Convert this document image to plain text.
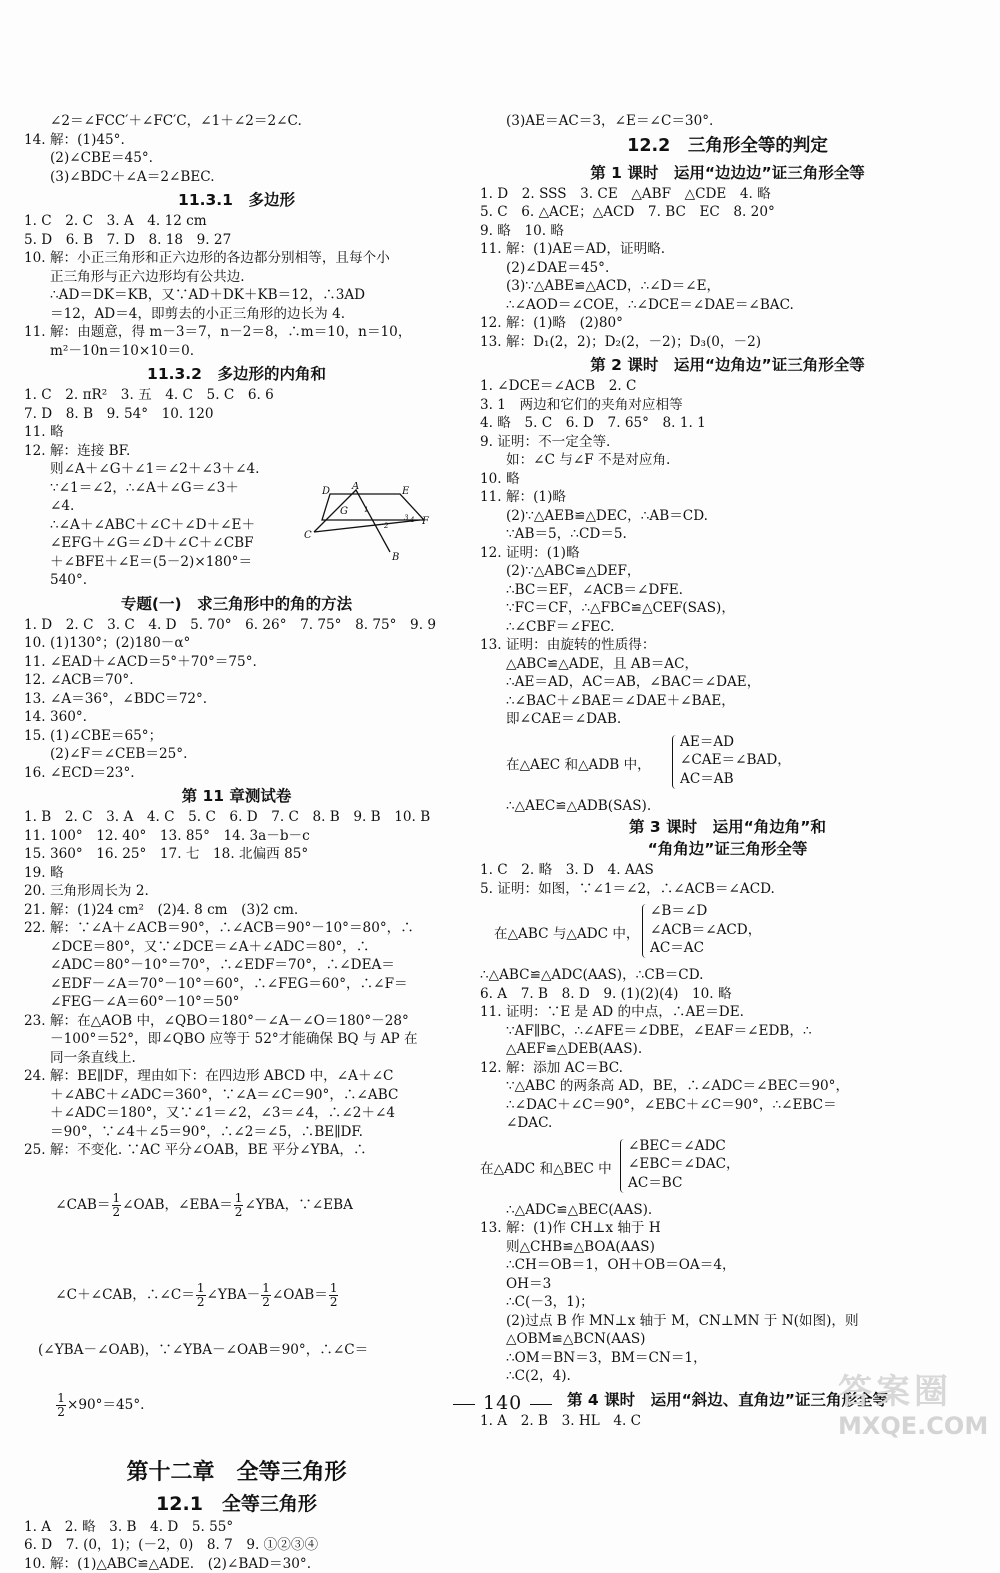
∠2＝∠FCC′＋∠FC′C，∠1＋∠2＝2∠C.

14. 解：(1)45°.

(2)∠CBE＝45°.

(3)∠BDC＋∠A＝2∠BEC.

11.3.1　多边形

1. C　2. C　3. A　4. 12 cm

5. D　6. B　7. D　8. 18　9. 27

10. 解：小正三角形和正六边形的各边都分别相等，且每个小

正三角形与正六边形均有公共边.

∴AD＝DK＝KB，又∵AD＋DK＋KB＝12，∴3AD

＝12，AD＝4，即剪去的小正三角形的边长为 4.

11. 解：由题意，得 m－3＝7，n－2＝8，∴m＝10，n＝10，

m²－10n＝10×10＝0.

11.3.2　多边形的内角和

1. C　2. πR²　3. 五　4. C　5. C　6. 6

7. D　8. B　9. 54°　10. 120

11. 略

12. 解：连接 BF.

则∠A＋∠G＋∠1＝∠2＋∠3＋∠4.

∵∠1＝∠2，∴∠A＋∠G＝∠3＋

∠4.

∴∠A＋∠ABC＋∠C＋∠D＋∠E＋

∠EFG＋∠G＝∠D＋∠C＋∠CBF

＋∠BFE＋∠E＝(5－2)×180°＝

540°.

专题(一)　求三角形中的角的方法

1. D　2. C　3. C　4. D　5. 70°　6. 26°　7. 75°　8. 75°　9. 9

10. (1)130°；(2)180－α°

11. ∠EAD＋∠ACD＝5°＋70°＝75°.

12. ∠ACB＝70°.

13. ∠A＝36°，∠BDC＝72°.

14. 360°.

15. (1)∠CBE＝65°；

(2)∠F＝∠CEB＝25°.

16. ∠ECD＝23°.

第 11 章测试卷

1. B　2. C　3. A　4. C　5. C　6. D　7. C　8. B　9. B　10. B

11. 100°　12. 40°　13. 85°　14. 3a－b－c

15. 360°　16. 25°　17. 七　18. 北偏西 85°

19. 略

20. 三角形周长为 2.

21. 解：(1)24 cm²　(2)4. 8 cm　(3)2 cm.

22. 解：∵∠A＋∠ACB＝90°，∴∠ACB＝90°－10°＝80°，∴

∠DCE＝80°，又∵∠DCE＝∠A＋∠ADC＝80°，∴

∠ADC＝80°－10°＝70°，∴∠EDF＝70°，∴∠DEA＝

∠EDF－∠A＝70°－10°＝60°，∴∠FEG＝60°，∴∠F＝

∠FEG－∠A＝60°－10°＝50°

23. 解：在△AOB 中，∠QBO＝180°－∠A－∠O＝180°－28°

－100°＝52°，即∠QBO 应等于 52°才能确保 BQ 与 AP 在

同一条直线上.

24. 解：BE∥DF，理由如下：在四边形 ABCD 中，∠A＋∠C

＋∠ABC＋∠ADC＝360°，∵∠A＝∠C＝90°，∴∠ABC

＋∠ADC＝180°，又∵∠1＝∠2，∠3＝∠4，∴∠2＋∠4

＝90°，∵∠4＋∠5＝90°，∴∠2＝∠5，∴BE∥DF.

25. 解：不变化. ∵AC 平分∠OAB，BE 平分∠YBA，∴

∠CAB＝ $\frac{1}{2}$ ∠OAB，∠EBA＝ $\frac{1}{2}$ ∠YBA，∵∠EBA

∠C＋∠CAB，∴∠C＝ $\frac{1}{2}$ ∠YBA－ $\frac{1}{2}$ ∠OAB＝ $\frac{1}{2}$

(∠YBA－∠OAB)，∵∠YBA－∠OAB＝90°，∴∠C＝

$\frac{1}{2} \times 90^\circ=45^\circ$.

第十二章　全等三角形
12.1　全等三角形

1. A　2. 略　3. B　4. D　5. 55°

6. D　7. (0，1)；(－2，0)　8. 7　9. ①②③④

10. 解：(1)△ABC≌△ADE.　(2)∠BAD＝30°.

A
B
C
D	E
F
G 1
2
3 4

(3)AE＝AC＝3，∠E＝∠C＝30°.

12.2　三角形全等的判定
第 1 课时　运用“边边边”证三角形全等

1. D　2. SSS　3. CE　△ABF　△CDE　4. 略

5. C　6. △ACE；△ACD　7. BC　EC　8. 20°

9. 略　10. 略

11. 解：(1)AE＝AD，证明略.

(2)∠DAE＝45°.

(3)∵△ABE≌△ACD，∴∠D＝∠E，

∴∠AOD＝∠COE，∴∠DCE＝∠DAE＝∠BAC.

12. 解：(1)略　(2)80°

13. 解：D₁(2，2)；D₂(2，－2)；D₃(0，－2)

第 2 课时　运用“边角边”证三角形全等

1. ∠DCE＝∠ACB　2. C

3. 1　两边和它们的夹角对应相等

4. 略　5. C　6. D　7. 65°　8. 1. 1

9. 证明：不一定全等.

如：∠C 与∠F 不是对应角.

10. 略

11. 解：(1)略

(2)∵△AEB≌△DEC，∴AB＝CD.

∵AB＝5，∴CD＝5.

12. 证明：(1)略

(2)∵△ABC≌△DEF，

∴BC＝EF，∠ACB＝∠DFE.

∵FC＝CF，∴△FBC≌△CEF(SAS)，

∴∠CBF＝∠FEC.

13. 证明：由旋转的性质得：

△ABC≌△ADE，且 AB＝AC，

∴AE＝AD，AC＝AB，∠BAC＝∠DAE，

∴∠BAC＋∠BAE＝∠DAE＋∠BAE，

即∠CAE＝∠DAB.

在△AEC 和△ADB 中，
AE＝AD
∠CAE＝∠BAD，
AC＝AB

∴△AEC≌△ADB(SAS).

第 3 课时　运用“角边角”和
“角角边”证三角形全等

1. C　2. 略　3. D　4. AAS

5. 证明：如图，∵∠1＝∠2，∴∠ACB＝∠ACD.

在△ABC 与△ADC 中，
∠B＝∠D
∠ACB＝∠ACD，
AC＝AC

∴△ABC≌△ADC(AAS)，∴CB＝CD.

6. A　7. B　8. D　9. (1)(2)(4)　10. 略

11. 证明：∵E 是 AD 的中点，∴AE＝DE.

∵AF∥BC，∴∠AFE＝∠DBE，∠EAF＝∠EDB，∴

△AEF≌△DEB(AAS).

12. 解：添加 AC＝BC.

∵△ABC 的两条高 AD，BE，∴∠ADC＝∠BEC＝90°，

∴∠DAC＋∠C＝90°，∠EBC＋∠C＝90°，∴∠EBC＝

∠DAC.

在△ADC 和△BEC 中
∠BEC＝∠ADC
∠EBC＝∠DAC，
AC＝BC

∴△ADC≌△BEC(AAS).

13. 解：(1)作 CH⊥x 轴于 H

则△CHB≌△BOA(AAS)

∴CH＝OB＝1，OH＋OB＝OA＝4，

OH＝3

∴C(－3，1)；

(2)过点 B 作 MN⊥x 轴于 M，CN⊥MN 于 N(如图)，则

△OBM≌△BCN(AAS)

∴OM＝BN＝3，BM＝CN＝1，

∴C(2，4).

第 4 课时　运用“斜边、直角边”证三角形全等

1. A　2. B　3. HL　4. C

140	答案圈
MXQE.COM
